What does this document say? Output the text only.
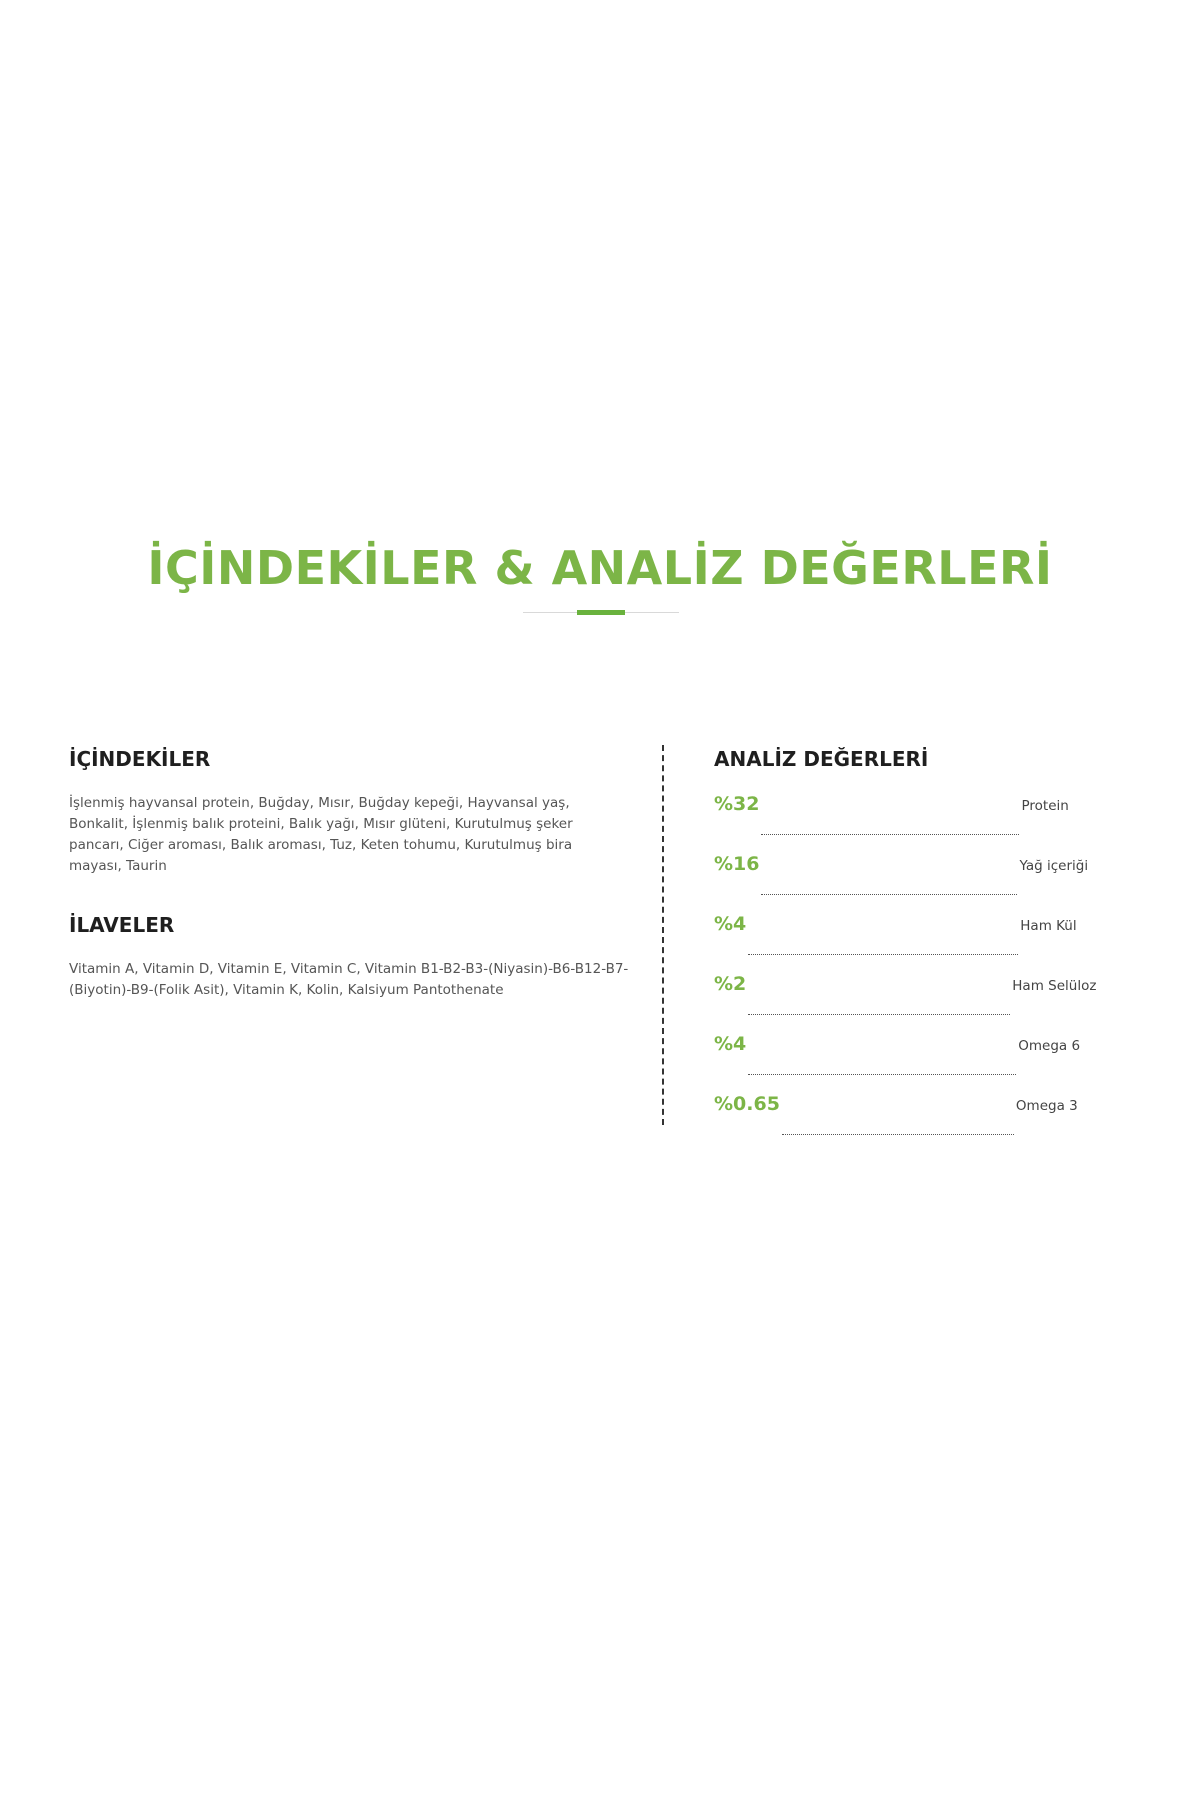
İÇİNDEKİLER & ANALİZ DEĞERLERİ
İÇİNDEKİLER

İşlenmiş hayvansal protein, Buğday, Mısır, Buğday kepeği, Hayvansal yaş, Bonkalit, İşlenmiş balık proteini, Balık yağı, Mısır glüteni, Kurutulmuş şeker pancarı, Ciğer aroması, Balık aroması, Tuz, Keten tohumu, Kurutulmuş bira mayası, Taurin

İLAVELER

Vitamin A, Vitamin D, Vitamin E, Vitamin C, Vitamin B1-B2-B3-(Niyasin)-B6-B12-B7-(Biyotin)-B9-(Folik Asit), Vitamin K, Kolin, Kalsiyum Pantothenate

ANALİZ DEĞERLERİ
%32	Protein
%16	Yağ içeriği
%4	Ham Kül
%2	Ham Selüloz
%4	Omega 6
%0.65	Omega 3
